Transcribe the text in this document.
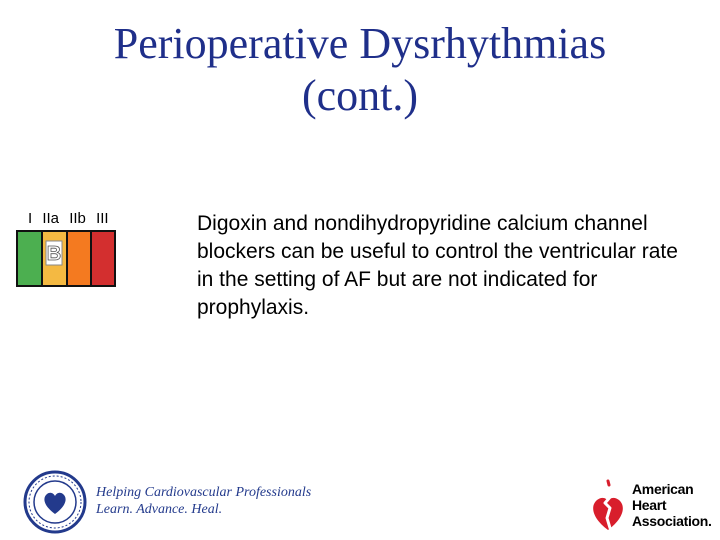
Perioperative Dysrhythmias
(cont.)
I IIa IIb III
B
Digoxin and nondihydropyridine calcium channel blockers can be useful to control the ventricular rate in the setting of AF but are not indicated for prophylaxis.
Helping Cardiovascular Professionals
Learn. Advance. Heal.
American
Heart
Association.
